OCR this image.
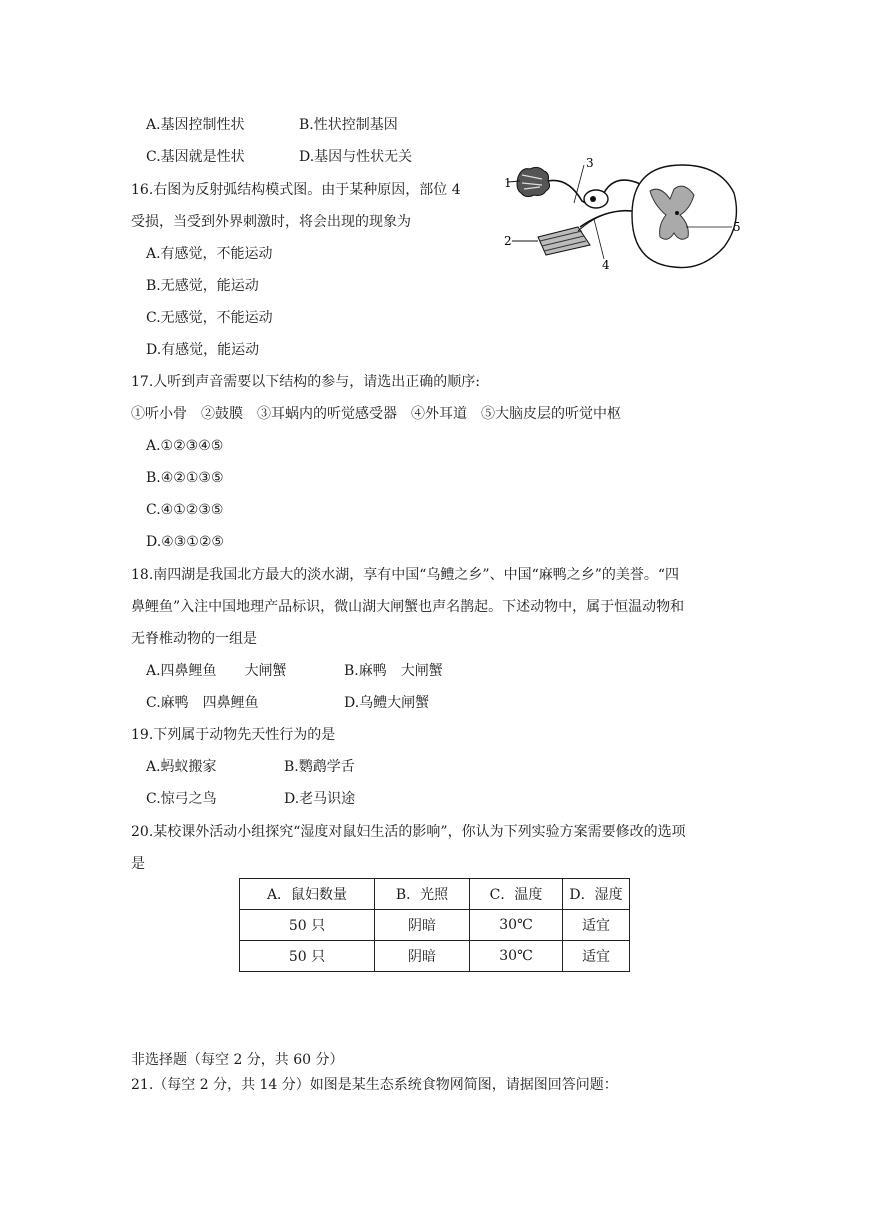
A.基因控制性状	B.性状控制基因
C.基因就是性状	D.基因与性状无关
16.右图为反射弧结构模式图。由于某种原因，部位 4
受损，当受到外界刺激时，将会出现的现象为
A.有感觉，不能运动
B.无感觉，能运动
C.无感觉，不能运动
D.有感觉，能运动
1
2
3
4
5
17.人听到声音需要以下结构的参与，请选出正确的顺序:
①听小骨　②鼓膜　③耳蜗内的听觉感受器　④外耳道　⑤大脑皮层的听觉中枢
A.①②③④⑤
B.④②①③⑤
C.④①②③⑤
D.④③①②⑤
18.南四湖是我国北方最大的淡水湖，享有中国“乌鳢之乡”、中国“麻鸭之乡”的美誉。“四
鼻鲤鱼”入注中国地理产品标识，微山湖大闸蟹也声名鹊起。下述动物中，属于恒温动物和
无脊椎动物的一组是
A.四鼻鲤鱼　　大闸蟹	B.麻鸭　大闸蟹
C.麻鸭　四鼻鲤鱼	D.乌鳢大闸蟹
19.下列属于动物先天性行为的是
A.蚂蚁搬家	B.鹦鹉学舌
C.惊弓之鸟	D.老马识途
20.某校课外活动小组探究“湿度对鼠妇生活的影响”，你认为下列实验方案需要修改的选项
是
A．鼠妇数量	B．光照	C．温度	D．湿度
50 只	阴暗	30℃	适宜
50 只	阴暗	30℃	适宜
非选择题（每空 2 分，共 60 分）
21.（每空 2 分，共 14 分）如图是某生态系统食物网简图，请据图回答问题：
